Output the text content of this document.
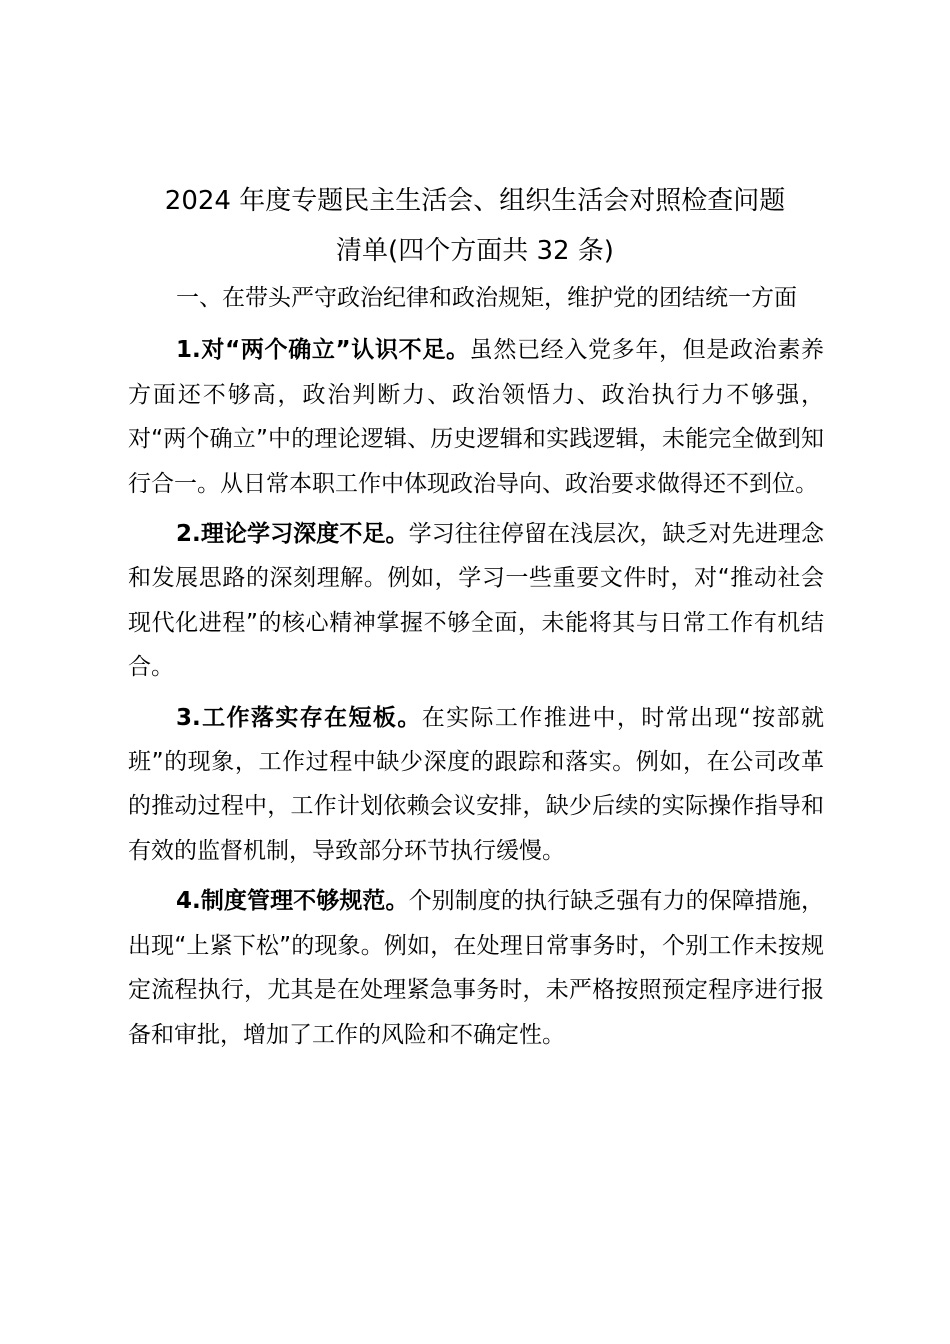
2024 年度专题民主生活会、组织生活会对照检查问题
清单(四个方面共 32 条)

一、在带头严守政治纪律和政治规矩，维护党的团结统一方面

1.对“两个确立”认识不足。虽然已经入党多年，但是政治素养方面还不够高，政治判断力、政治领悟力、政治执行力不够强，对“两个确立”中的理论逻辑、历史逻辑和实践逻辑，未能完全做到知行合一。从日常本职工作中体现政治导向、政治要求做得还不到位。

2.理论学习深度不足。学习往往停留在浅层次，缺乏对先进理念和发展思路的深刻理解。例如，学习一些重要文件时，对“推动社会现代化进程”的核心精神掌握不够全面，未能将其与日常工作有机结合。

3.工作落实存在短板。在实际工作推进中，时常出现“按部就班”的现象，工作过程中缺少深度的跟踪和落实。例如，在公司改革的推动过程中，工作计划依赖会议安排，缺少后续的实际操作指导和有效的监督机制，导致部分环节执行缓慢。

4.制度管理不够规范。个别制度的执行缺乏强有力的保障措施，出现“上紧下松”的现象。例如，在处理日常事务时，个别工作未按规定流程执行，尤其是在处理紧急事务时，未严格按照预定程序进行报备和审批，增加了工作的风险和不确定性。
